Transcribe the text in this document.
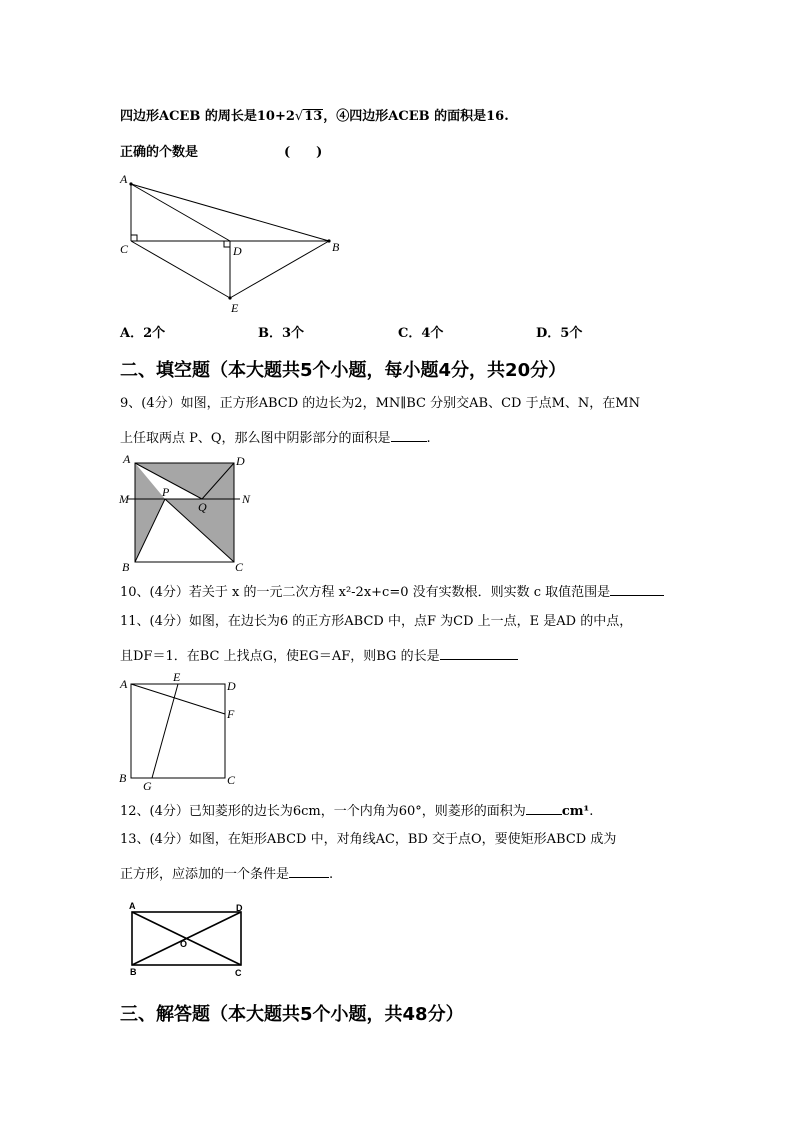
四边形ACEB 的周长是10+2√13，④四边形ACEB 的面积是16.
正确的个数是	(　　)
A
C	D	B
E
A．2个	B．3个	C．4个	D．5个
二、填空题（本大题共5个小题，每小题4分，共20分）
9、(4分）如图，正方形ABCD 的边长为2，MN∥BC 分别交AB、CD 于点M、N，在MN
上任取两点 P、Q，那么图中阴影部分的面积是	.
A	D
M	N
P
Q
B	C
10、(4分）若关于 x 的一元二次方程 x²-2x+c=0 没有实数根．则实数 c 取值范围是
11、(4分）如图，在边长为6 的正方形ABCD 中，点F 为CD 上一点，E 是AD 的中点，
且DF＝1．在BC 上找点G，使EG＝AF，则BG 的长是
A	E
D
F
B	C
G
12、(4分）已知菱形的边长为6cm，一个内角为60°，则菱形的面积为	cm¹.
13、(4分）如图，在矩形ABCD 中，对角线AC，BD 交于点O，要使矩形ABCD 成为
正方形，应添加的一个条件是	.
A	D
O
B	C
三、解答题（本大题共5个小题，共48分）
